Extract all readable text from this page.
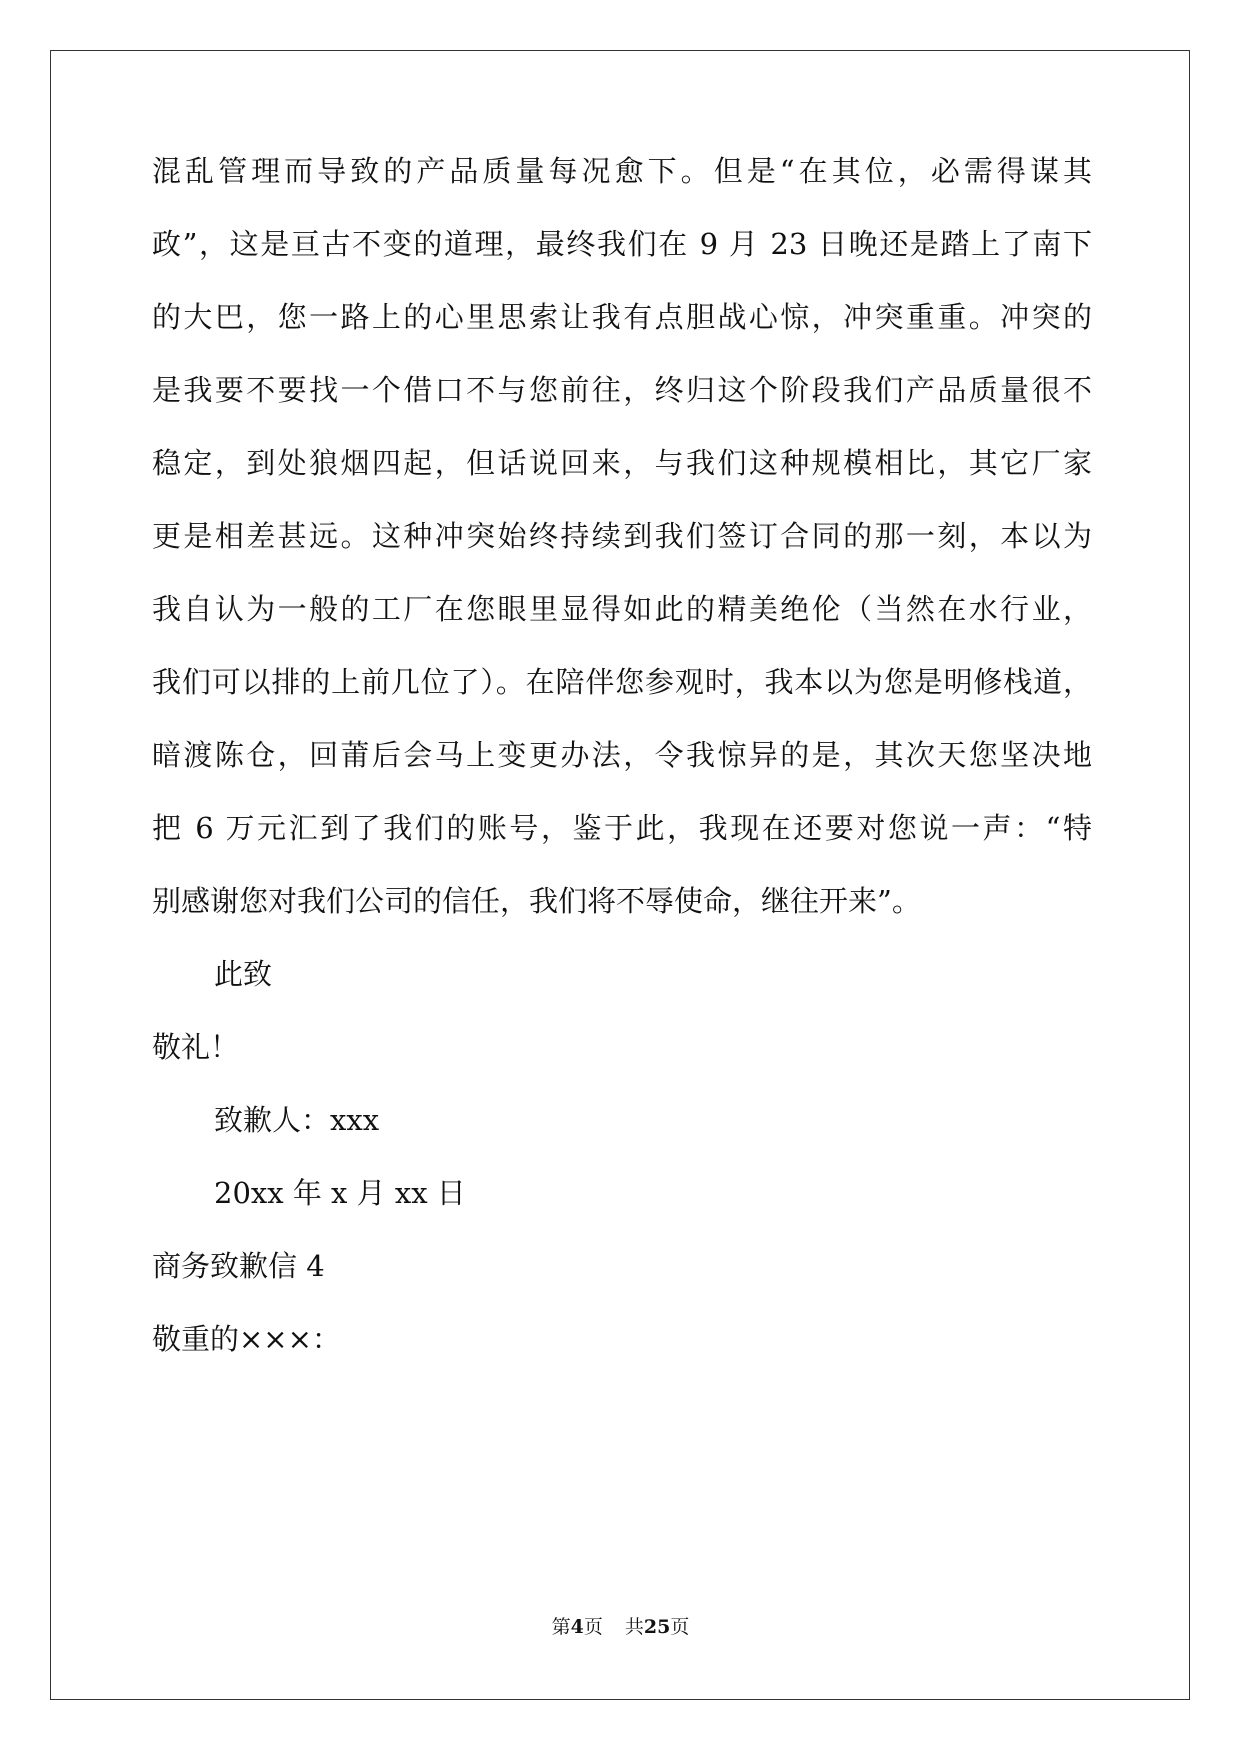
混乱管理而导致的产品质量每况愈下。但是“在其位，必需得谋其
政”，这是亘古不变的道理，最终我们在 9 月 23 日晚还是踏上了南下
的大巴，您一路上的心里思索让我有点胆战心惊，冲突重重。冲突的
是我要不要找一个借口不与您前往，终归这个阶段我们产品质量很不
稳定，到处狼烟四起，但话说回来，与我们这种规模相比，其它厂家
更是相差甚远。这种冲突始终持续到我们签订合同的那一刻，本以为
我自认为一般的工厂在您眼里显得如此的精美绝伦（当然在水行业，
我们可以排的上前几位了）。在陪伴您参观时，我本以为您是明修栈道，
暗渡陈仓，回莆后会马上变更办法，令我惊异的是，其次天您坚决地
把 6 万元汇到了我们的账号，鉴于此，我现在还要对您说一声：“特
别感谢您对我们公司的信任，我们将不辱使命，继往开来”。
此致
敬礼！
致歉人：xxx
20xx 年 x 月 xx 日
商务致歉信 4
敬重的×××：
第4页 共25页
